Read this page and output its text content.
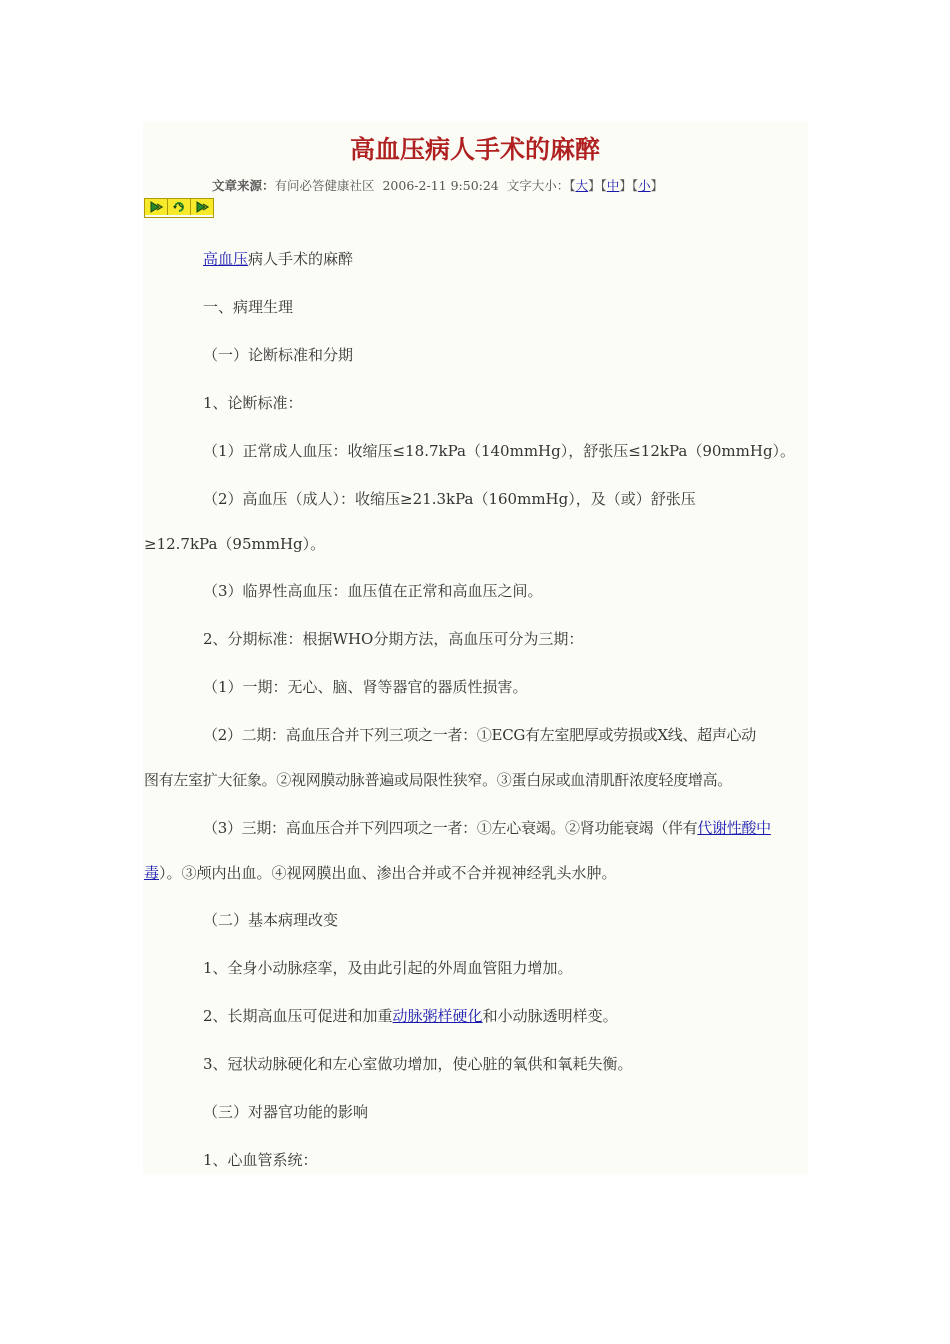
高血压病人手术的麻醉
文章来源：有问必答健康社区 2006-2-11 9:50:24 文字大小：【大】【中】【小】
高血压病人手术的麻醉
一、病理生理
（一）论断标准和分期
1、论断标准：
（1）正常成人血压：收缩压≤18.7kPa（140mmHg），舒张压≤12kPa（90mmHg）。
（2）高血压（成人）：收缩压≥21.3kPa（160mmHg），及（或）舒张压
≥12.7kPa（95mmHg）。
（3）临界性高血压：血压值在正常和高血压之间。
2、分期标准：根据WHO分期方法，高血压可分为三期：
（1）一期：无心、脑、肾等器官的器质性损害。
（2）二期：高血压合并下列三项之一者：①ECG有左室肥厚或劳损或X线、超声心动
图有左室扩大征象。②视网膜动脉普遍或局限性狭窄。③蛋白尿或血清肌酐浓度轻度增高。
（3）三期：高血压合并下列四项之一者：①左心衰竭。②肾功能衰竭（伴有代谢性酸中
毒）。③颅内出血。④视网膜出血、渗出合并或不合并视神经乳头水肿。
（二）基本病理改变
1、全身小动脉痉挛，及由此引起的外周血管阻力增加。
2、长期高血压可促进和加重动脉粥样硬化和小动脉透明样变。
3、冠状动脉硬化和左心室做功增加，使心脏的氧供和氧耗失衡。
（三）对器官功能的影响
1、心血管系统：
